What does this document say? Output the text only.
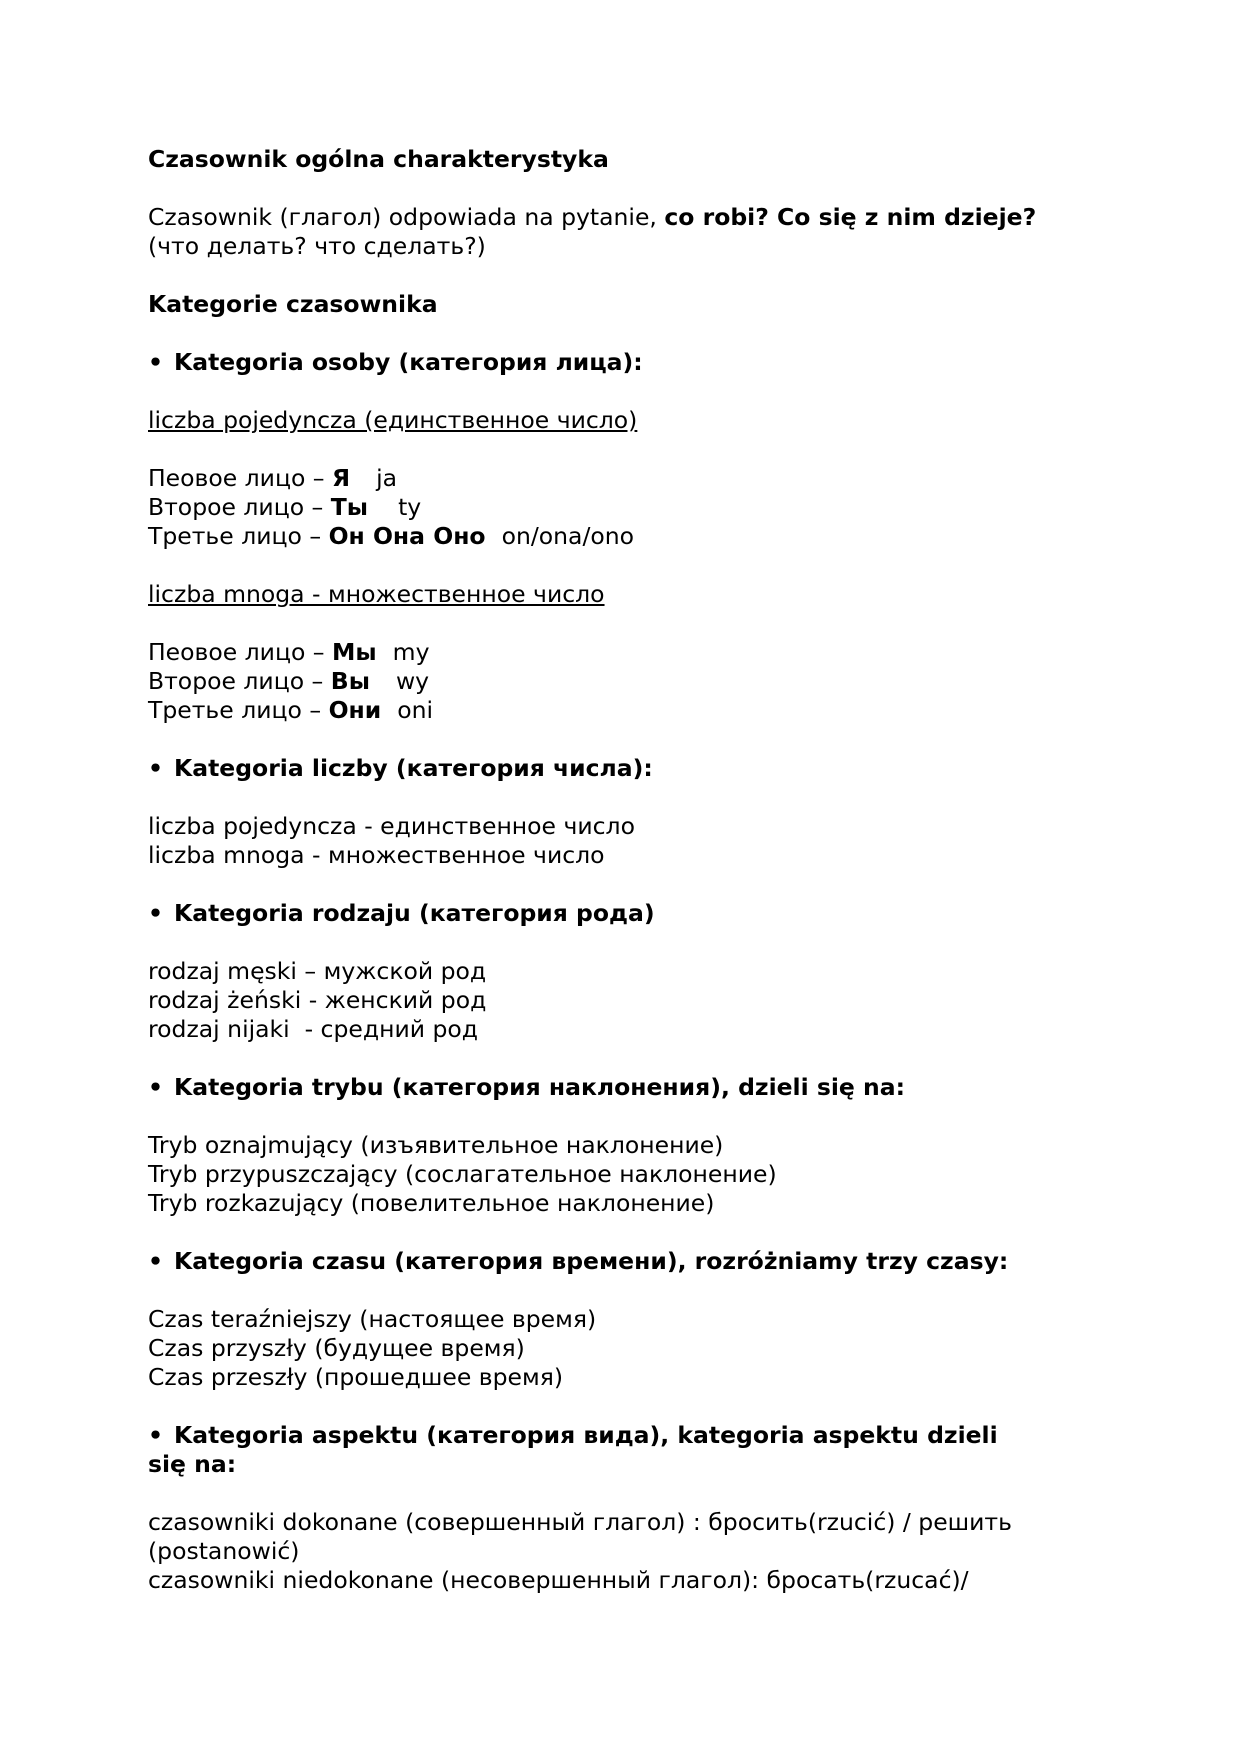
Czasownik ogólna charakterystyka
Czasownik (глагол) odpowiada na pytanie, co robi? Co się z nim dzieje?
(что делать? что сделать?)
Kategorie czasownika
• Kategoria osoby (категория лица):
liczba pojedyncza (единственное число)
Пеовое лицо – Я ja
Второе лицо – Ты ty
Третье лицо – Он Она Оно on/ona/ono
liczba mnoga - множественное число
Пеовое лицо – Мы my
Второе лицо – Вы wy
Третье лицо – Они oni
• Kategoria liczby (категория числа):
liczba pojedyncza - единственное число
liczba mnoga - множественное число
• Kategoria rodzaju (категория рода)
rodzaj męski – мужской род
rodzaj żeński - женский род
rodzaj nijaki  - средний род
• Kategoria trybu (категория наклонения), dzieli się na:
Tryb oznajmujący (изъявительное наклонение)
Tryb przypuszczający (сослагательное наклонение)
Tryb rozkazujący (повелительное наклонение)
• Kategoria czasu (категория времени), rozróżniamy trzy czasy:
Czas teraźniejszy (настоящее время)
Czas przyszły (будущее время)
Czas przeszły (прошедшее время)
• Kategoria aspektu (категория вида), kategoria aspektu dzieli
się na:
czasowniki dokonane (совершенный глагол) : бросить(rzucić) / решить
(postanowić)
czasowniki niedokonane (несовершенный глагол): бросать(rzucać)/
